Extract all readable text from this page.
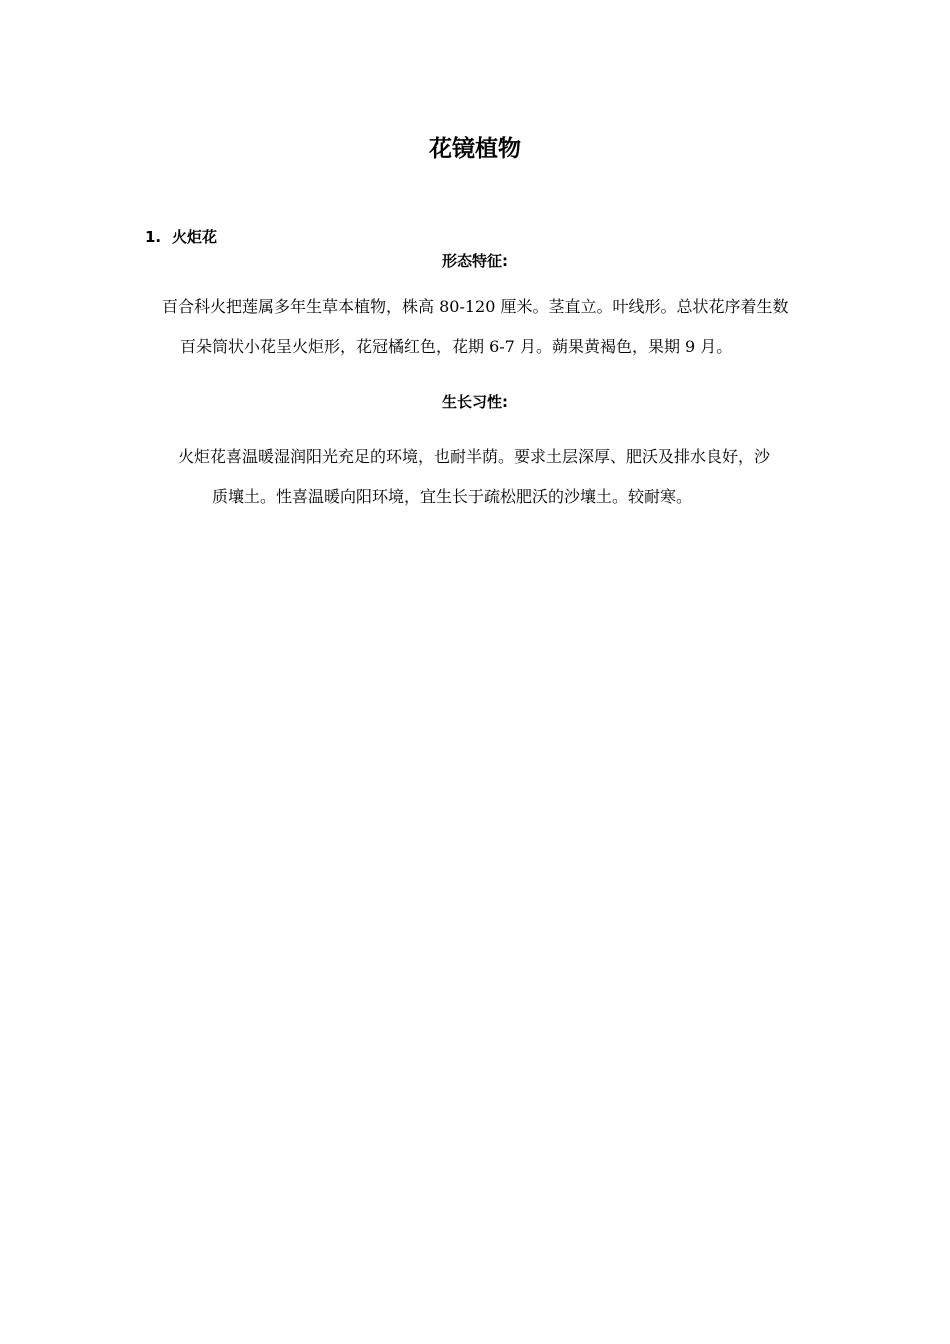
花镜植物
1. 火炬花
形态特征:
百合科火把莲属多年生草本植物，株高 80-120 厘米。茎直立。叶线形。总状花序着生数
百朵筒状小花呈火炬形，花冠橘红色，花期 6-7 月。蒴果黄褐色，果期 9 月。
生长习性:
火炬花喜温暖湿润阳光充足的环境，也耐半荫。要求土层深厚、肥沃及排水良好，沙
质壤土。性喜温暖向阳环境，宜生长于疏松肥沃的沙壤土。较耐寒。
